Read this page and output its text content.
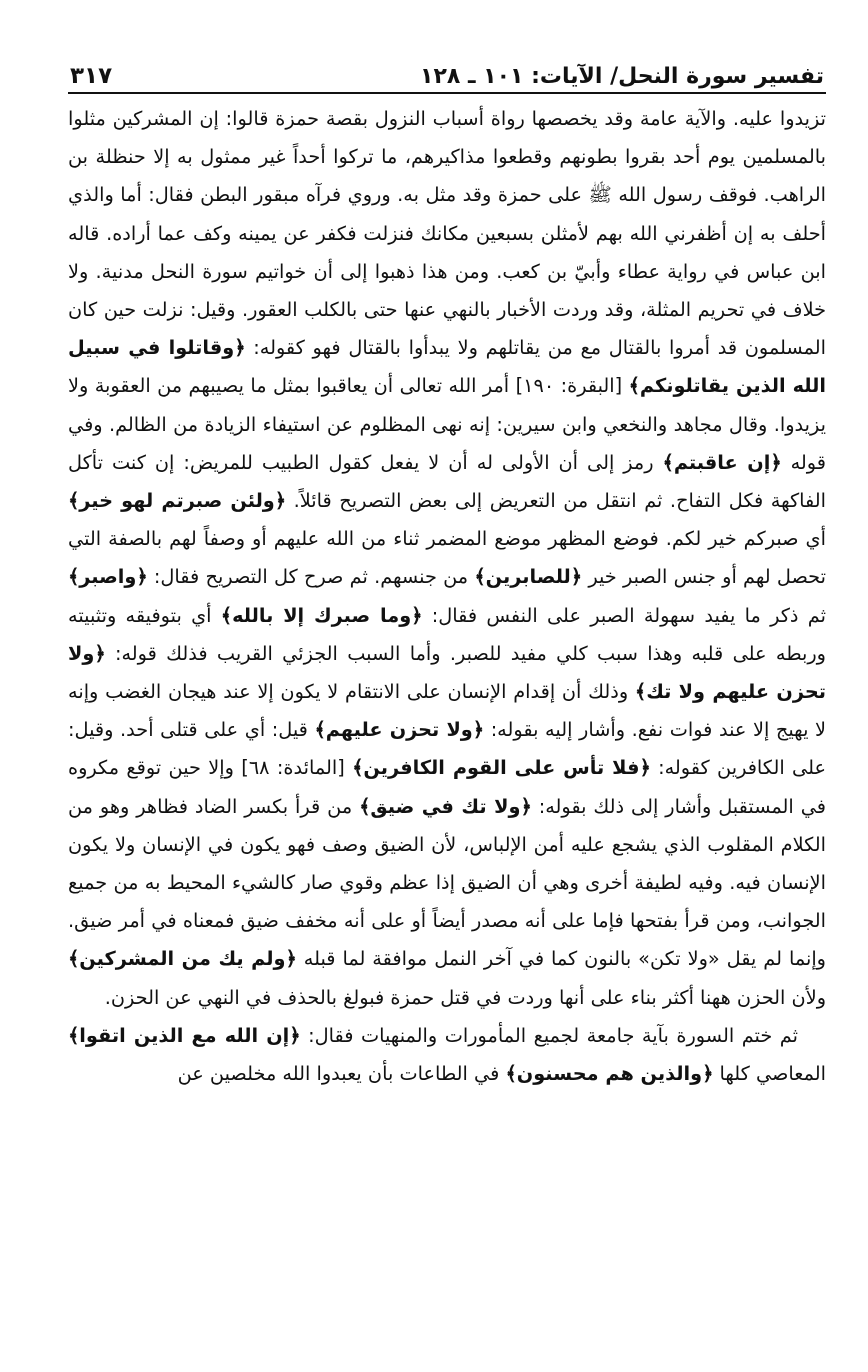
تفسير سورة النحل/ الآيات: ١٠١ ـ ١٢٨
٣١٧

تزيدوا عليه. والآية عامة وقد يخصصها رواة أسباب النزول بقصة حمزة قالوا: إن المشركين مثلوا بالمسلمين يوم أحد بقروا بطونهم وقطعوا مذاكيرهم، ما تركوا أحداً غير ممثول به إلا حنظلة بن الراهب. فوقف رسول الله ﷺ على حمزة وقد مثل به. وروي فرآه مبقور البطن فقال: أما والذي أحلف به إن أظفرني الله بهم لأمثلن بسبعين مكانك فنزلت فكفر عن يمينه وكف عما أراده. قاله ابن عباس في رواية عطاء وأبيّ بن كعب. ومن هذا ذهبوا إلى أن خواتيم سورة النحل مدنية. ولا خلاف في تحريم المثلة، وقد وردت الأخبار بالنهي عنها حتى بالكلب العقور. وقيل: نزلت حين كان المسلمون قد أمروا بالقتال مع من يقاتلهم ولا يبدأوا بالقتال فهو كقوله: ﴿وقاتلوا في سبيل الله الذين يقاتلونكم﴾ [البقرة: ١٩٠] أمر الله تعالى أن يعاقبوا بمثل ما يصيبهم من العقوبة ولا يزيدوا. وقال مجاهد والنخعي وابن سيرين: إنه نهى المظلوم عن استيفاء الزيادة من الظالم. وفي قوله ﴿إن عاقبتم﴾ رمز إلى أن الأولى له أن لا يفعل كقول الطبيب للمريض: إن كنت تأكل الفاكهة فكل التفاح. ثم انتقل من التعريض إلى بعض التصريح قائلاً. ﴿ولئن صبرتم لهو خير﴾ أي صبركم خير لكم. فوضع المظهر موضع المضمر ثناء من الله عليهم أو وصفاً لهم بالصفة التي تحصل لهم أو جنس الصبر خير ﴿للصابرين﴾ من جنسهم. ثم صرح كل التصريح فقال: ﴿واصبر﴾ ثم ذكر ما يفيد سهولة الصبر على النفس فقال: ﴿وما صبرك إلا بالله﴾ أي بتوفيقه وتثبيته وربطه على قلبه وهذا سبب كلي مفيد للصبر. وأما السبب الجزئي القريب فذلك قوله: ﴿ولا تحزن عليهم ولا تك﴾ وذلك أن إقدام الإنسان على الانتقام لا يكون إلا عند هيجان الغضب وإنه لا يهيج إلا عند فوات نفع. وأشار إليه بقوله: ﴿ولا تحزن عليهم﴾ قيل: أي على قتلى أحد. وقيل: على الكافرين كقوله: ﴿فلا تأس على القوم الكافرين﴾ [المائدة: ٦٨] وإلا حين توقع مكروه في المستقبل وأشار إلى ذلك بقوله: ﴿ولا تك في ضيق﴾ من قرأ بكسر الضاد فظاهر وهو من الكلام المقلوب الذي يشجع عليه أمن الإلباس، لأن الضيق وصف فهو يكون في الإنسان ولا يكون الإنسان فيه. وفيه لطيفة أخرى وهي أن الضيق إذا عظم وقوي صار كالشيء المحيط به من جميع الجوانب، ومن قرأ بفتحها فإما على أنه مصدر أيضاً أو على أنه مخفف ضيق فمعناه في أمر ضيق. وإنما لم يقل «ولا تكن» بالنون كما في آخر النمل موافقة لما قبله ﴿ولم يك من المشركين﴾ ولأن الحزن ههنا أكثر بناء على أنها وردت في قتل حمزة فبولغ بالحذف في النهي عن الحزن.

ثم ختم السورة بآية جامعة لجميع المأمورات والمنهيات فقال: ﴿إن الله مع الذين اتقوا﴾ المعاصي كلها ﴿والذين هم محسنون﴾ في الطاعات بأن يعبدوا الله مخلصين عن
